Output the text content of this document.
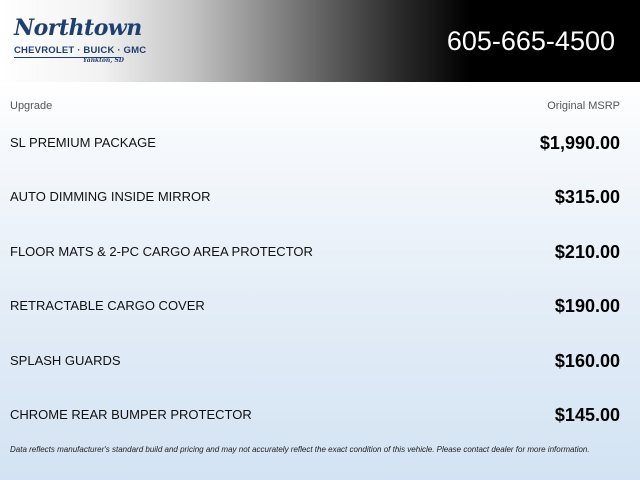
Northtown
CHEVROLET · BUICK · GMC
Yankton, SD
605-665-4500
Upgrade	Original MSRP
SL PREMIUM PACKAGE	$1,990.00
AUTO DIMMING INSIDE MIRROR	$315.00
FLOOR MATS & 2-PC CARGO AREA PROTECTOR	$210.00
RETRACTABLE CARGO COVER	$190.00
SPLASH GUARDS	$160.00
CHROME REAR BUMPER PROTECTOR	$145.00
Data reflects manufacturer's standard build and pricing and may not accurately reflect the exact condition of this vehicle. Please contact dealer for more information.
